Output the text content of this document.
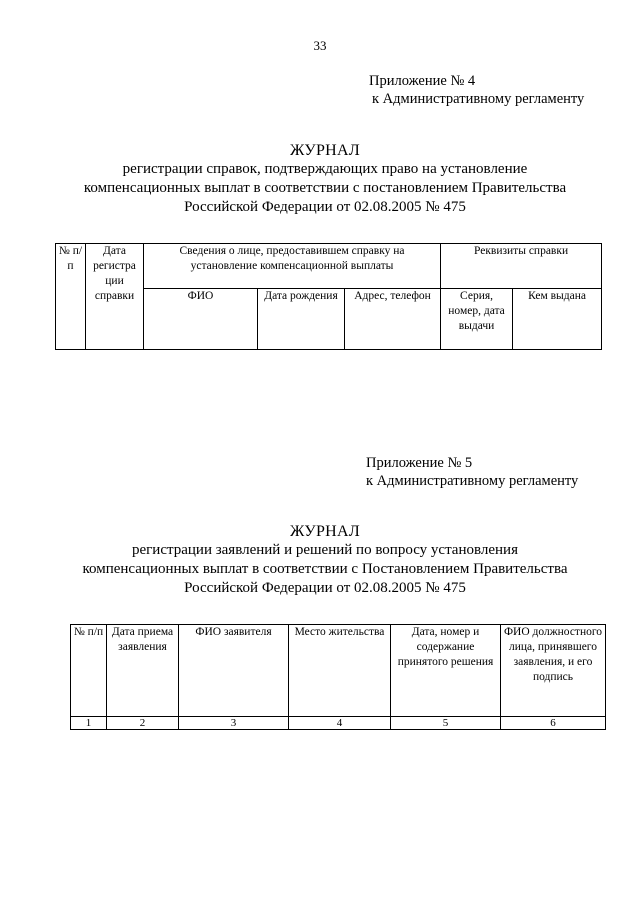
33
Приложение № 4
к Административному регламенту
ЖУРНАЛ
регистрации справок, подтверждающих право на установление
компенсационных выплат в соответствии с постановлением Правительства
Российской Федерации от 02.08.2005 № 475
№ п/п	Дата регистра ции справки	Сведения о лице, предоставившем справку на установление компенсационной выплаты			Реквизиты справки	
		ФИО	Дата рождения	Адрес, телефон	Серия, номер, дата выдачи	Кем выдана
Приложение № 5
к Административному регламенту
ЖУРНАЛ
регистрации заявлений и решений по вопросу установления
компенсационных выплат в соответствии с Постановлением Правительства
Российской Федерации от 02.08.2005 № 475
№ п/п	Дата приема заявления	ФИО заявителя	Место жительства	Дата, номер и содержание принятого решения	ФИО должностного лица, принявшего заявления, и его подпись
1	2	3	4	5	6
